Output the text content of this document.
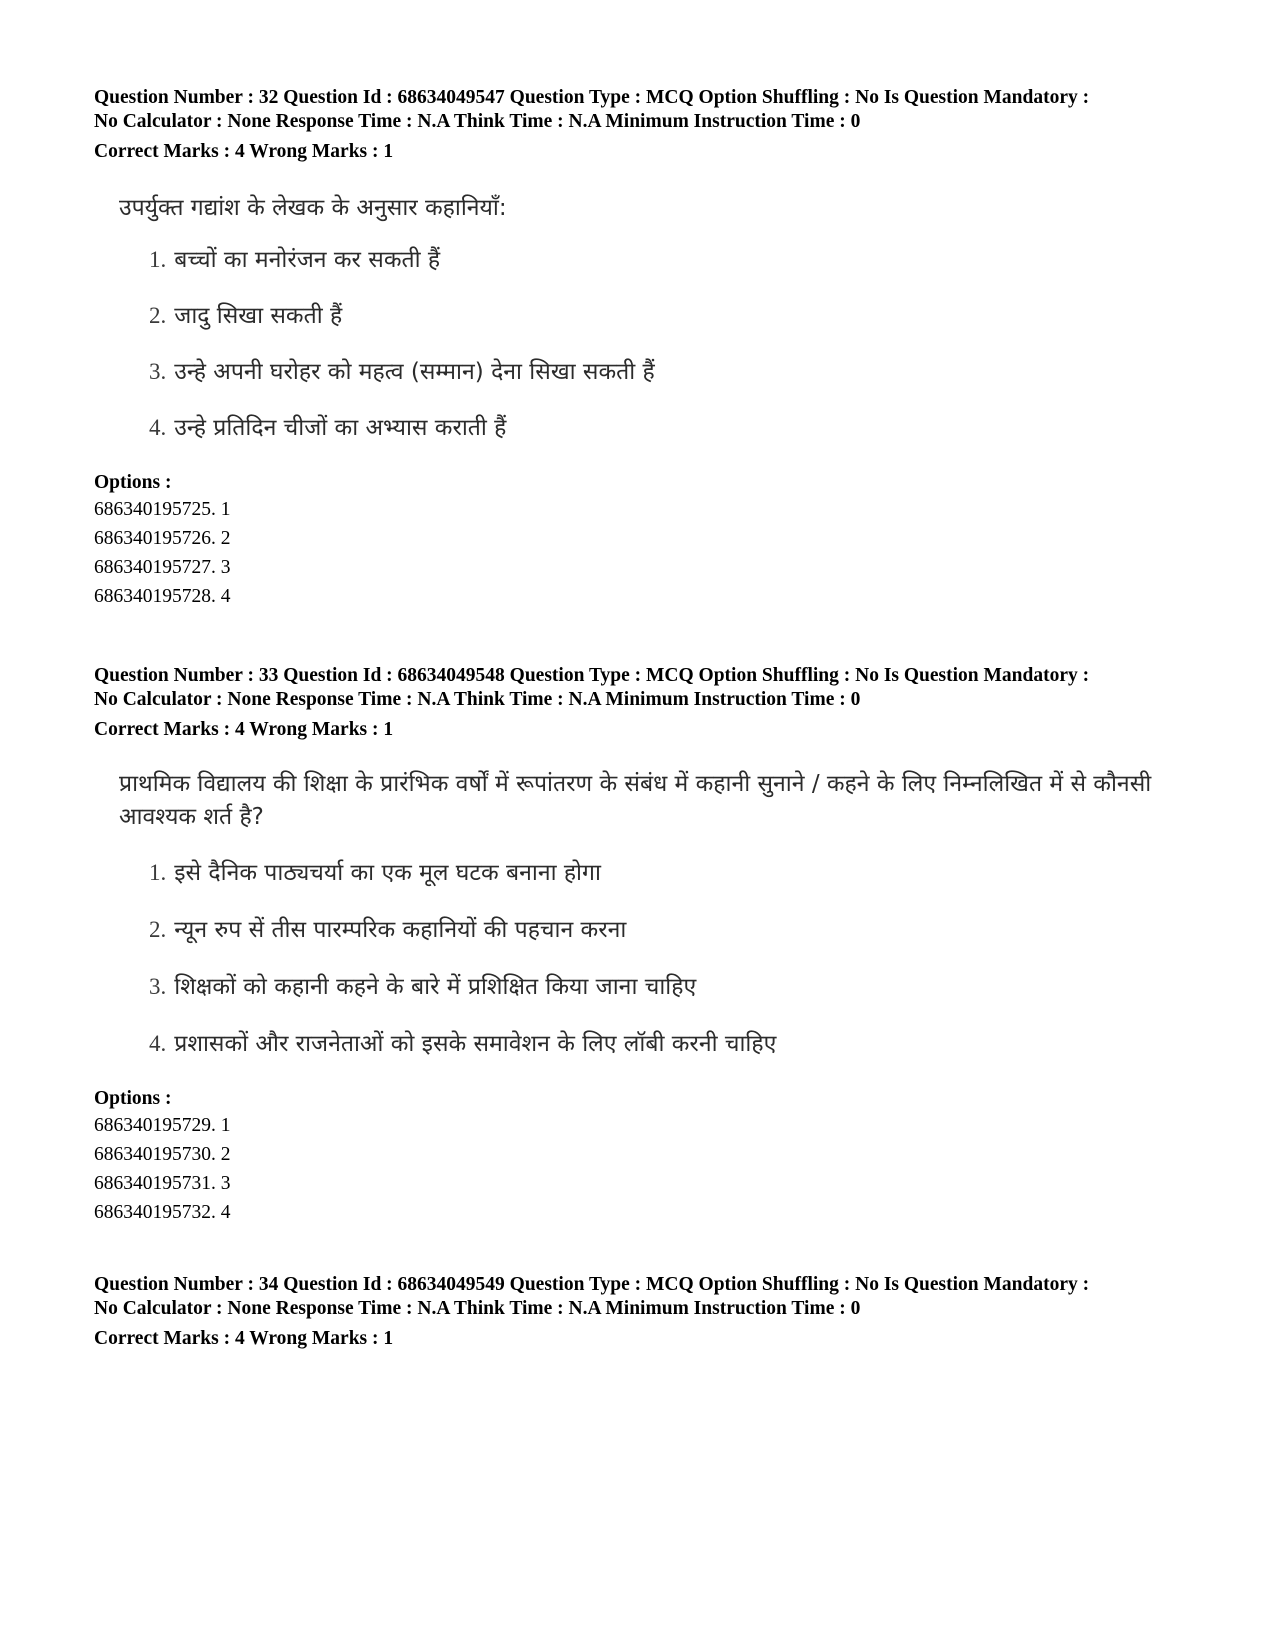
Question Number : 32 Question Id : 68634049547 Question Type : MCQ Option Shuffling : No Is Question Mandatory :
No Calculator : None Response Time : N.A Think Time : N.A Minimum Instruction Time : 0
Correct Marks : 4 Wrong Marks : 1
उपर्युक्त गद्यांश के लेखक के अनुसार कहानियाँ:
1. बच्चों का मनोरंजन कर सकती हैं
2. जादु सिखा सकती हैं
3. उन्हे अपनी घरोहर को महत्व (सम्मान) देना सिखा सकती हैं
4. उन्हे प्रतिदिन चीजों का अभ्यास कराती हैं
Options :
686340195725. 1
686340195726. 2
686340195727. 3
686340195728. 4
Question Number : 33 Question Id : 68634049548 Question Type : MCQ Option Shuffling : No Is Question Mandatory :
No Calculator : None Response Time : N.A Think Time : N.A Minimum Instruction Time : 0
Correct Marks : 4 Wrong Marks : 1
प्राथमिक विद्यालय की शिक्षा के प्रारंभिक वर्षों में रूपांतरण के संबंध में कहानी सुनाने / कहने के लिए निम्नलिखित में से कौनसी आवश्यक शर्त है?
1. इसे दैनिक पाठ्यचर्या का एक मूल घटक बनाना होगा
2. न्यून रुप सें तीस पारम्परिक कहानियों की पहचान करना
3. शिक्षकों को कहानी कहने के बारे में प्रशिक्षित किया जाना चाहिए
4. प्रशासकों और राजनेताओं को इसके समावेशन के लिए लॉबी करनी चाहिए
Options :
686340195729. 1
686340195730. 2
686340195731. 3
686340195732. 4
Question Number : 34 Question Id : 68634049549 Question Type : MCQ Option Shuffling : No Is Question Mandatory :
No Calculator : None Response Time : N.A Think Time : N.A Minimum Instruction Time : 0
Correct Marks : 4 Wrong Marks : 1
